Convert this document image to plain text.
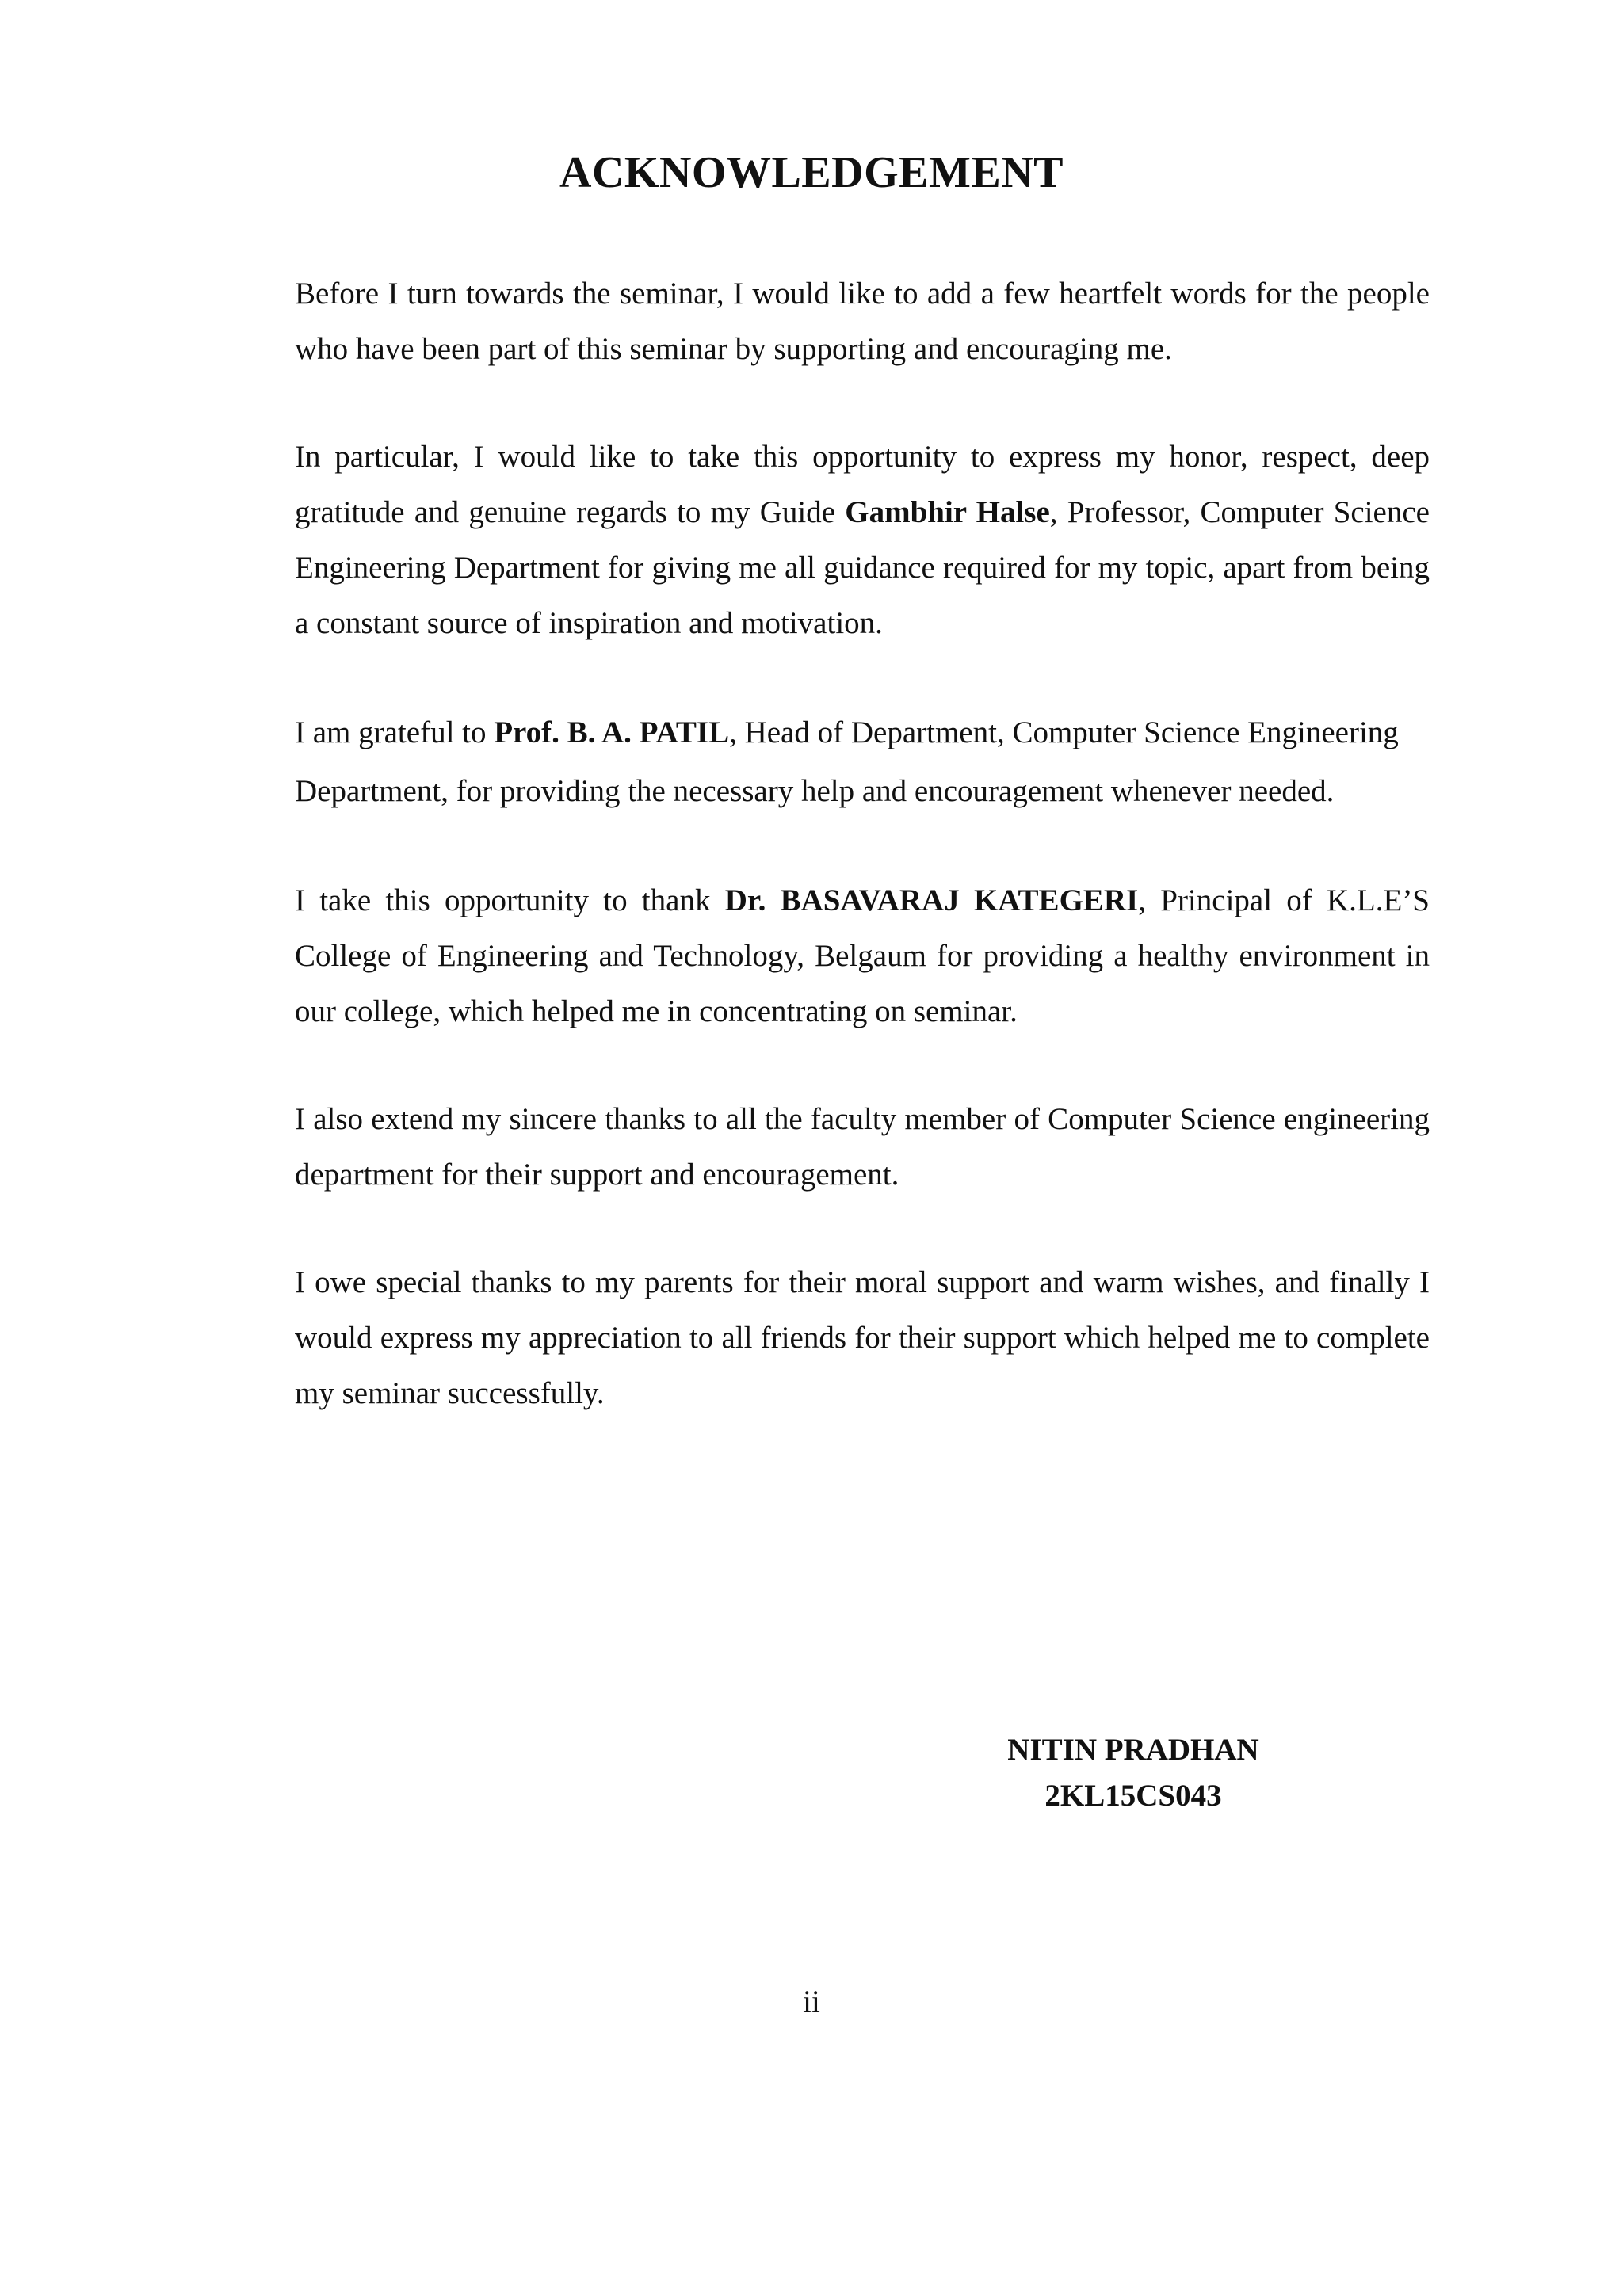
ACKNOWLEDGEMENT

Before I turn towards the seminar, I would like to add a few heartfelt words for the people who have been part of this seminar by supporting and encouraging me.

In particular, I would like to take this opportunity to express my honor, respect, deep gratitude and genuine regards to my Guide Gambhir Halse, Professor, Computer Science Engineering Department for giving me all guidance required for my topic, apart from being a constant source of inspiration and motivation.

I am grateful to Prof. B. A. PATIL, Head of Department, Computer Science Engineering Department, for providing the necessary help and encouragement whenever needed.

I take this opportunity to thank Dr. BASAVARAJ KATEGERI, Principal of K.L.E’S College of Engineering and Technology, Belgaum for providing a healthy environment in our college, which helped me in concentrating on seminar.

I also extend my sincere thanks to all the faculty member of Computer Science engineering department for their support and encouragement.

I owe special thanks to my parents for their moral support and warm wishes, and finally I would express my appreciation to all friends for their support which helped me to complete my seminar successfully.

NITIN PRADHAN
2KL15CS043
ii
